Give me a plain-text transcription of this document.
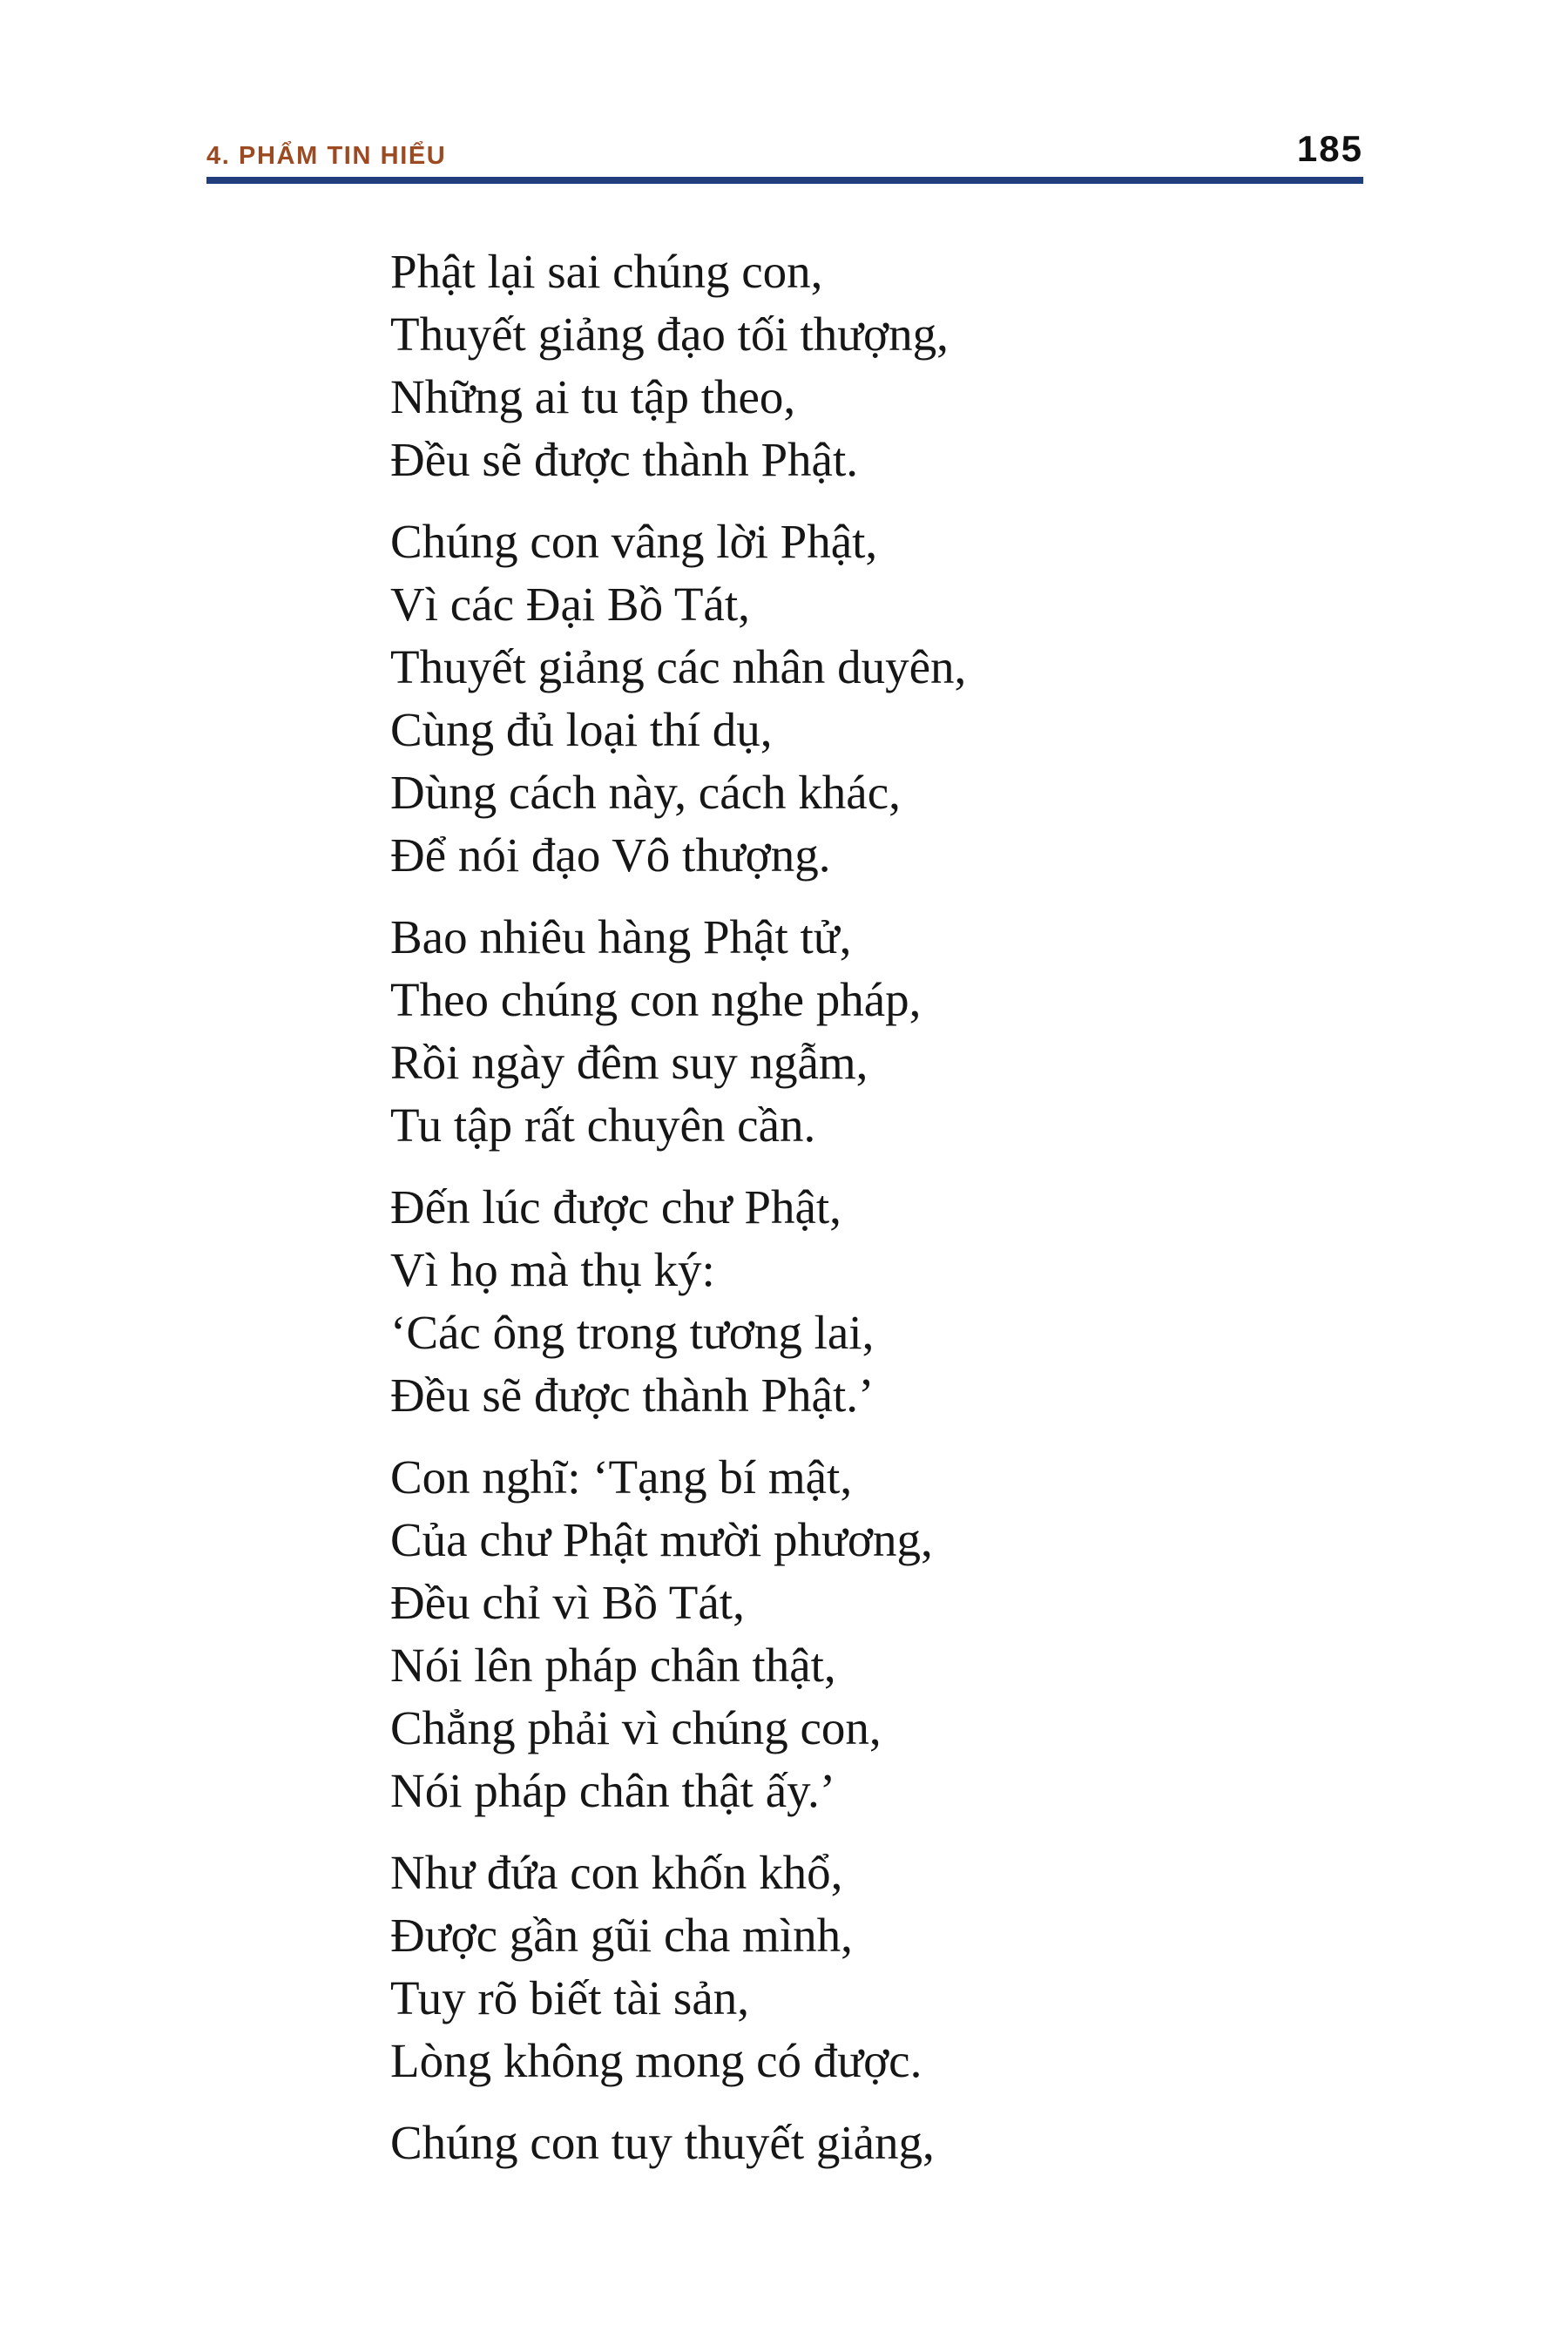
4. PHẨM TIN HIỂU	185
Phật lại sai chúng con,
Thuyết giảng đạo tối thượng,
Những ai tu tập theo,
Đều sẽ được thành Phật.
Chúng con vâng lời Phật,
Vì các Đại Bồ Tát,
Thuyết giảng các nhân duyên,
Cùng đủ loại thí dụ,
Dùng cách này, cách khác,
Để nói đạo Vô thượng.
Bao nhiêu hàng Phật tử,
Theo chúng con nghe pháp,
Rồi ngày đêm suy ngẫm,
Tu tập rất chuyên cần.
Đến lúc được chư Phật,
Vì họ mà thụ ký:
‘Các ông trong tương lai,
Đều sẽ được thành Phật.’
Con nghĩ: ‘Tạng bí mật,
Của chư Phật mười phương,
Đều chỉ vì Bồ Tát,
Nói lên pháp chân thật,
Chẳng phải vì chúng con,
Nói pháp chân thật ấy.’
Như đứa con khốn khổ,
Được gần gũi cha mình,
Tuy rõ biết tài sản,
Lòng không mong có được.
Chúng con tuy thuyết giảng,
